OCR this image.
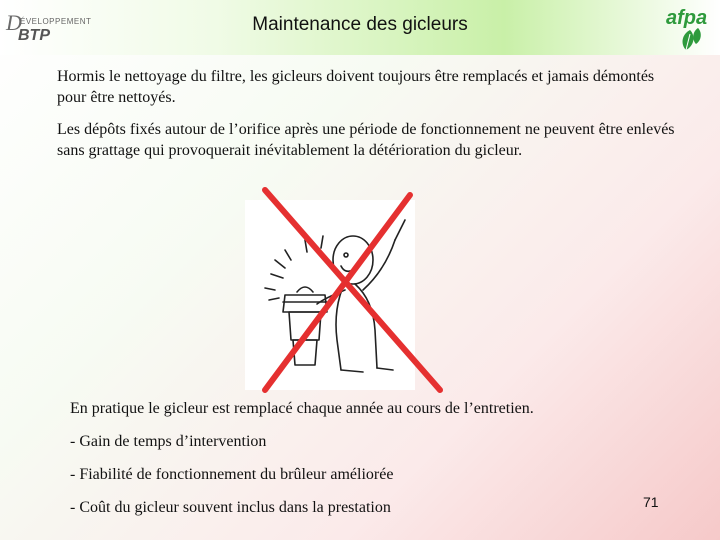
D
ÉVELOPPEMENT
BTP
Maintenance des gicleurs	afpa

Hormis le nettoyage du filtre, les gicleurs doivent toujours être remplacés et jamais démontés pour être nettoyés.

Les dépôts fixés autour de l’orifice après une période de fonctionnement ne peuvent être enlevés sans grattage qui provoquerait inévitablement la détérioration du gicleur.

En pratique le gicleur est remplacé chaque année au cours de l’entretien.
- Gain de temps d’intervention
- Fiabilité de fonctionnement du brûleur améliorée
- Coût du gicleur souvent inclus dans la prestation	71
